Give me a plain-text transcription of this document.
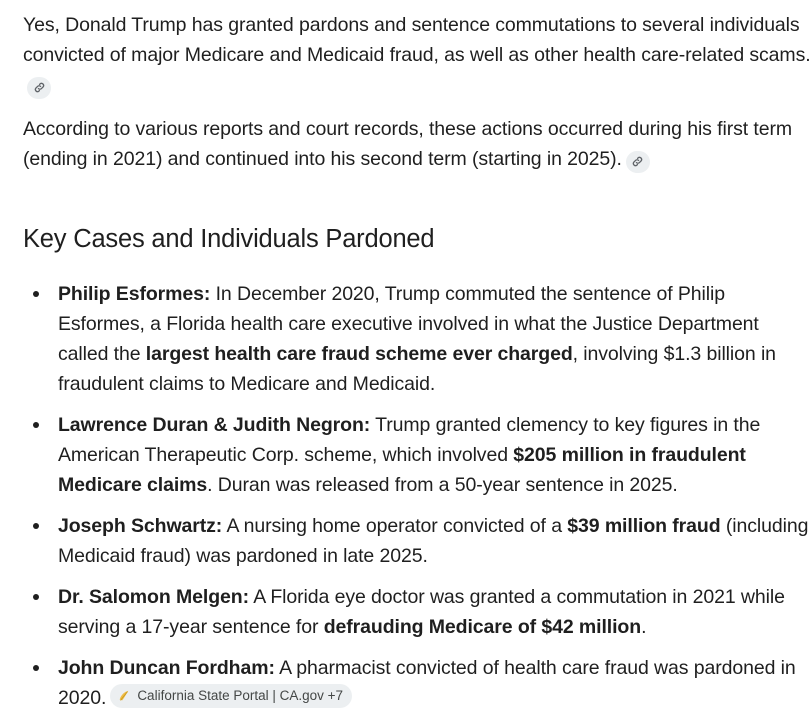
Yes, Donald Trump has granted pardons and sentence commutations to several individuals convicted of major Medicare and Medicaid fraud, as well as other health care-related scams.

According to various reports and court records, these actions occurred during his first term (ending in 2021) and continued into his second term (starting in 2025).

Key Cases and Individuals Pardoned
Philip Esformes: In December 2020, Trump commuted the sentence of Philip Esformes, a Florida health care executive involved in what the Justice Department called the largest health care fraud scheme ever charged, involving $1.3 billion in fraudulent claims to Medicare and Medicaid.
Lawrence Duran & Judith Negron: Trump granted clemency to key figures in the American Therapeutic Corp. scheme, which involved $205 million in fraudulent Medicare claims. Duran was released from a 50-year sentence in 2025.
Joseph Schwartz: A nursing home operator convicted of a $39 million fraud (including Medicaid fraud) was pardoned in late 2025.
Dr. Salomon Melgen: A Florida eye doctor was granted a commutation in 2021 while serving a 17-year sentence for defrauding Medicare of $42 million.
John Duncan Fordham: A pharmacist convicted of health care fraud was pardoned in 2020. California State Portal | CA.gov +7
